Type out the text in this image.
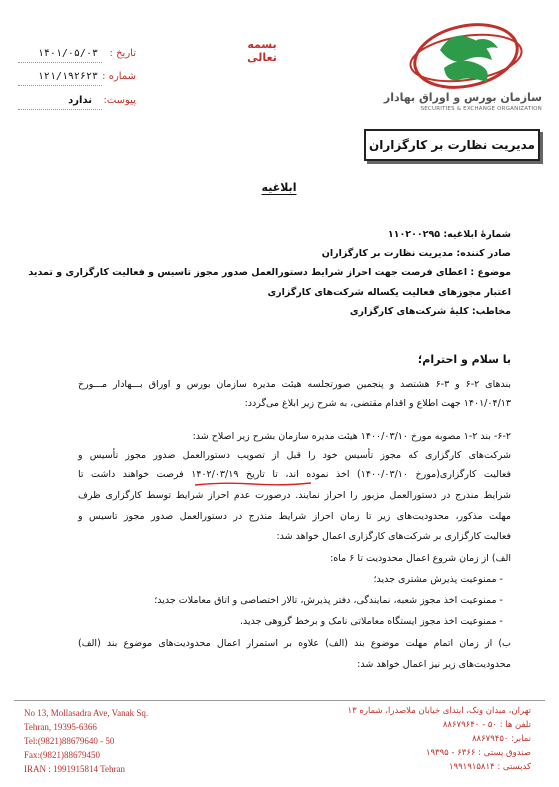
بسمه تعالی
تاریخ :
۱۴۰۱/۰۵/۰۳
شماره :
۱۲۱/۱۹۲۶۲۳
پیوست:
ندارد	سازمان بورس و اوراق بهادار
SECURITIES & EXCHANGE ORGANIZATION
مدیریت نظارت بر کارگزاران
ابلاغیه
شمارۀ ابلاغیه: ۱۱۰۲۰۰۲۹۵
صادر کننده: مدیریت نظارت بر کارگزاران
موضوع : اعطای فرصت جهت احراز شرایط دستورالعمل صدور مجوز تاسیس و فعالیت کارگزاری و تمدید
اعتبار مجوزهای فعالیت یکساله شرکت‌های کارگزاری
مخاطب: کلیۀ شرکت‌های کارگزاری
با سلام و احترام؛
بندهای ۲-۶ و ۳-۶ هشتصد و پنجمین صورتجلسه هیئت مدیره سازمان بورس و اوراق بـــهادار مـــورخ
۱۴۰۱/۰۴/۱۳ جهت اطلاع و اقدام مقتضی، به شرح زیر ابلاغ می‌گردد:
۶-۲- بند ۲-۱ مصوبه مورخ ۱۴۰۰/۰۳/۱۰ هیئت مدیره سازمان بشرح زیر اصلاح شد:
شرکت‌های کارگزاری که مجوز تأسیس خود را قبل از تصویب دستورالعمل صدور مجوز تأسیس و
فعالیت کارگزاری(مورخ ۱۴۰۰/۰۳/۱۰) اخذ نموده اند، تا تاریخ ۱۴۰۲/۰۳/۱۹ فرصت خواهند داشت تا
شرایط مندرج در دستورالعمل مزبور را احراز نمایند. درصورت عدم احراز شرایط توسط کارگزاری ظرف
مهلت مذکور، محدودیت‌های زیر تا زمان احراز شرایط مندرج در دستورالعمل صدور مجوز تاسیس و
فعالیت کارگزاری بر شرکت‌های کارگزاری اعمال خواهد شد:
الف) از زمان شروع اعمال محدودیت تا ۶ ماه:
- ممنوعیت پذیرش مشتری جدید؛
- ممنوعیت اخذ مجوز شعبه، نمایندگی، دفتر پذیرش، تالار اختصاصی و اتاق معاملات جدید؛
- ممنوعیت اخذ مجوز ایستگاه معاملاتی نامک و برخط گروهی جدید.
ب) از زمان اتمام مهلت موضوع بند (الف) علاوه بر استمرار اعمال محدودیت‌های موضوع بند (الف)
محدودیت‌های زیر نیز اعمال خواهد شد:
No 13, Mollasadra Ave, Vanak Sq.
Tehran, 19395-6366
Tel:(9821)88679640 - 50
Fax:(9821)88679450
IRAN : 1991915814 Tehran
تهران، میدان ونک، ابتدای خیابان ملاصدرا، شماره ۱۳
تلفن ها : ۵۰ - ۸۸۶۷۹۶۴۰
نمابر: ۸۸۶۷۹۴۵۰
صندوق پستی : ۶۳۶۶ - ۱۹۳۹۵
کدپستی : ۱۹۹۱۹۱۵۸۱۴
